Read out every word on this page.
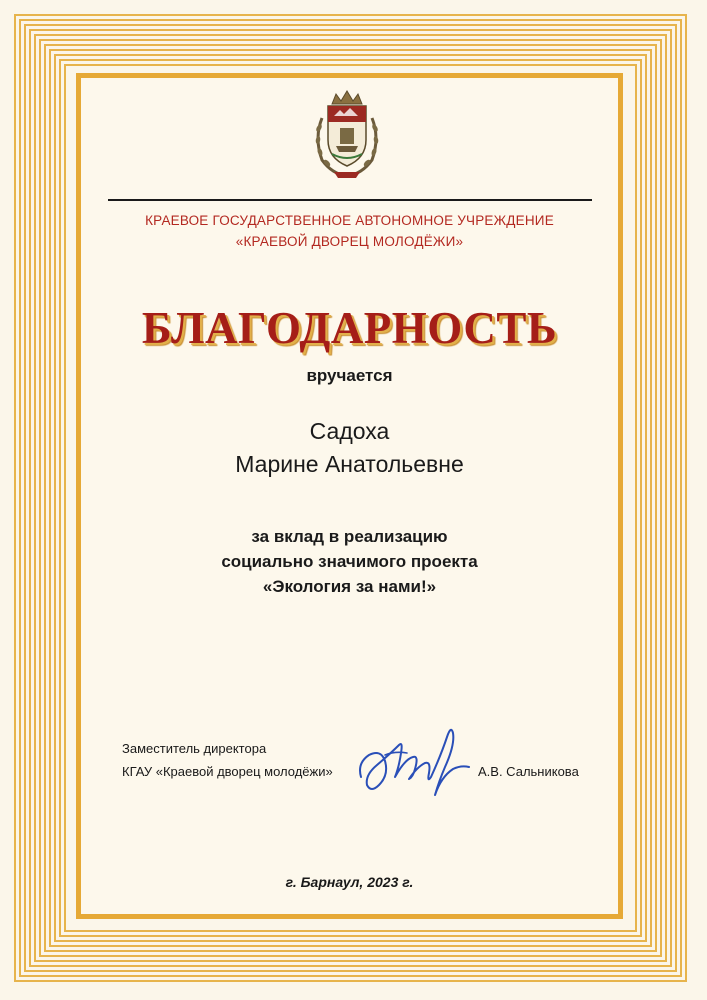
КРАЕВОЕ ГОСУДАРСТВЕННОЕ АВТОНОМНОЕ УЧРЕЖДЕНИЕ
«КРАЕВОЙ ДВОРЕЦ МОЛОДЁЖИ»
БЛАГОДАРНОСТЬ
вручается
Садоха
Марине Анатольевне
за вклад в реализацию
социально значимого проекта
«Экология за нами!»
Заместитель директора
КГАУ «Краевой дворец молодёжи»	А.В. Сальникова
г. Барнаул, 2023 г.
